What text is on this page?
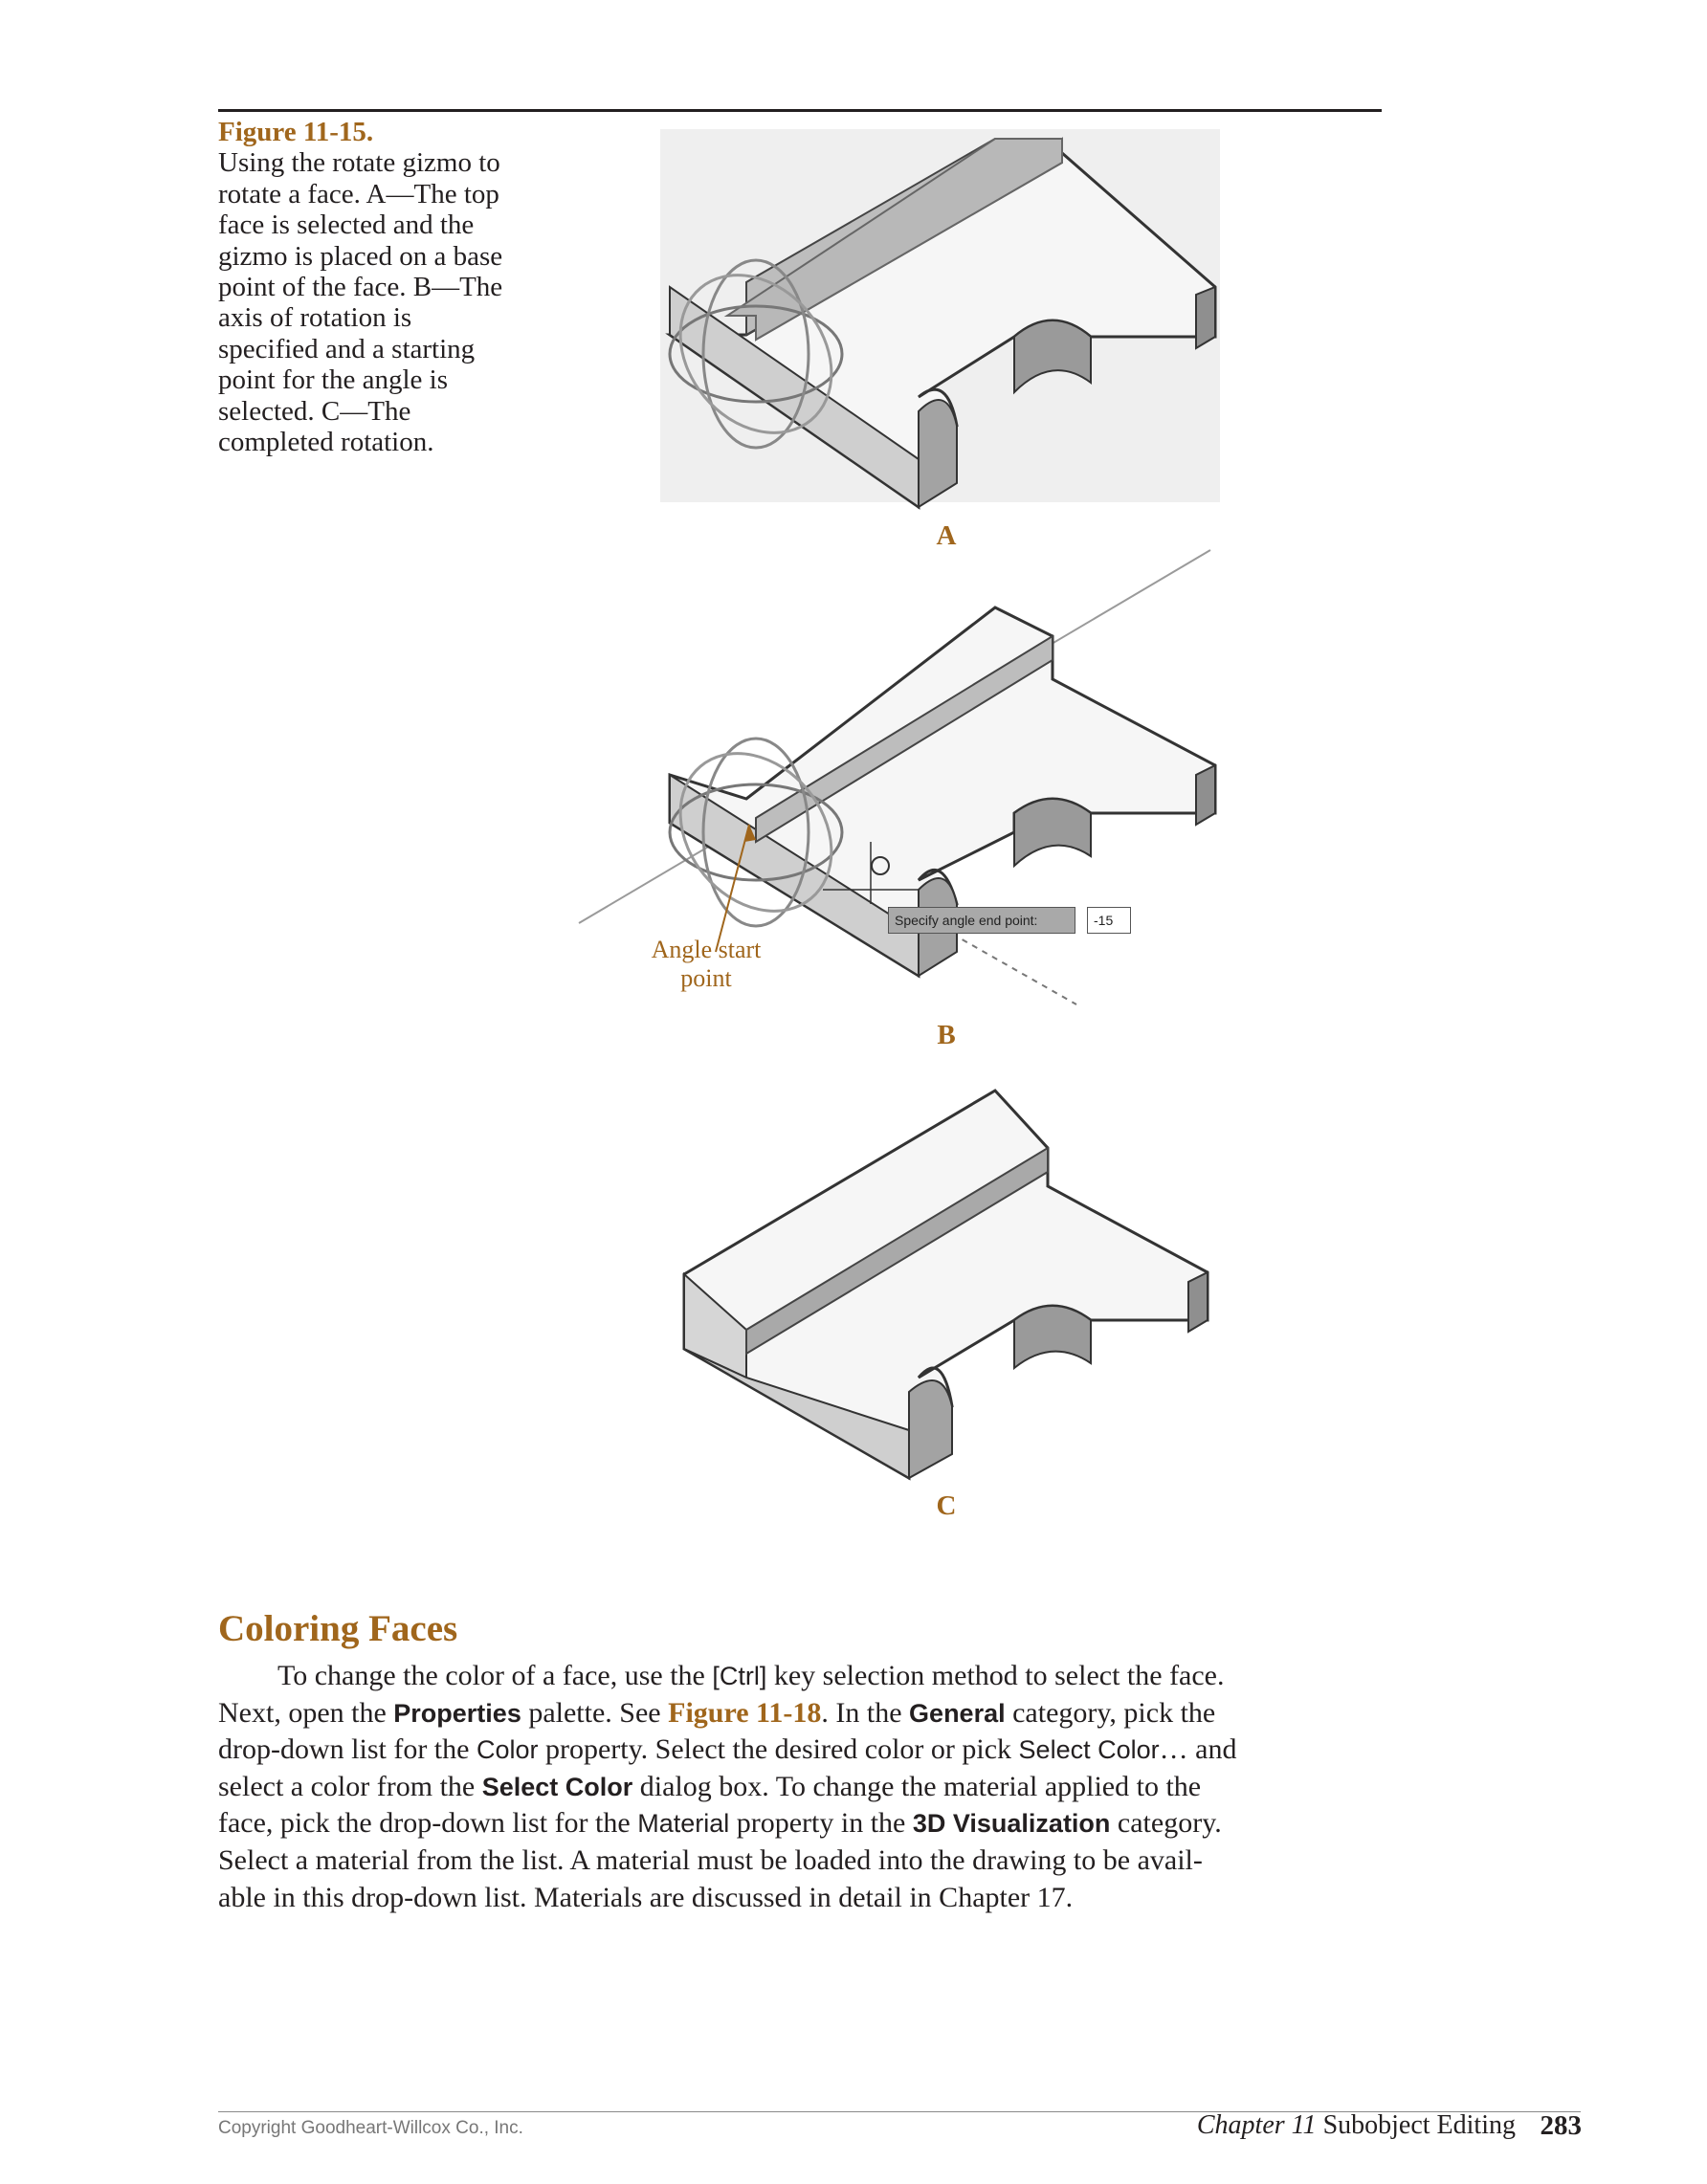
Figure 11-15.
Using the rotate gizmo to rotate a face. A—The top face is selected and the gizmo is placed on a base point of the face. B—The axis of rotation is specified and a starting point for the angle is selected. C—The completed rotation.
A
B
C
Angle start
point
Specify angle end point:	-15
Coloring Faces
To change the color of a face, use the [Ctrl] key selection method to select the face.
Next, open the Properties palette. See Figure 11-18. In the General category, pick the
drop-down list for the Color property. Select the desired color or pick Select Color… and
select a color from the Select Color dialog box. To change the material applied to the
face, pick the drop-down list for the Material property in the 3D Visualization category.
Select a material from the list. A material must be loaded into the drawing to be avail-
able in this drop-down list. Materials are discussed in detail in Chapter 17.
Copyright Goodheart-Willcox Co., Inc.	Chapter 11 Subobject Editing 283
